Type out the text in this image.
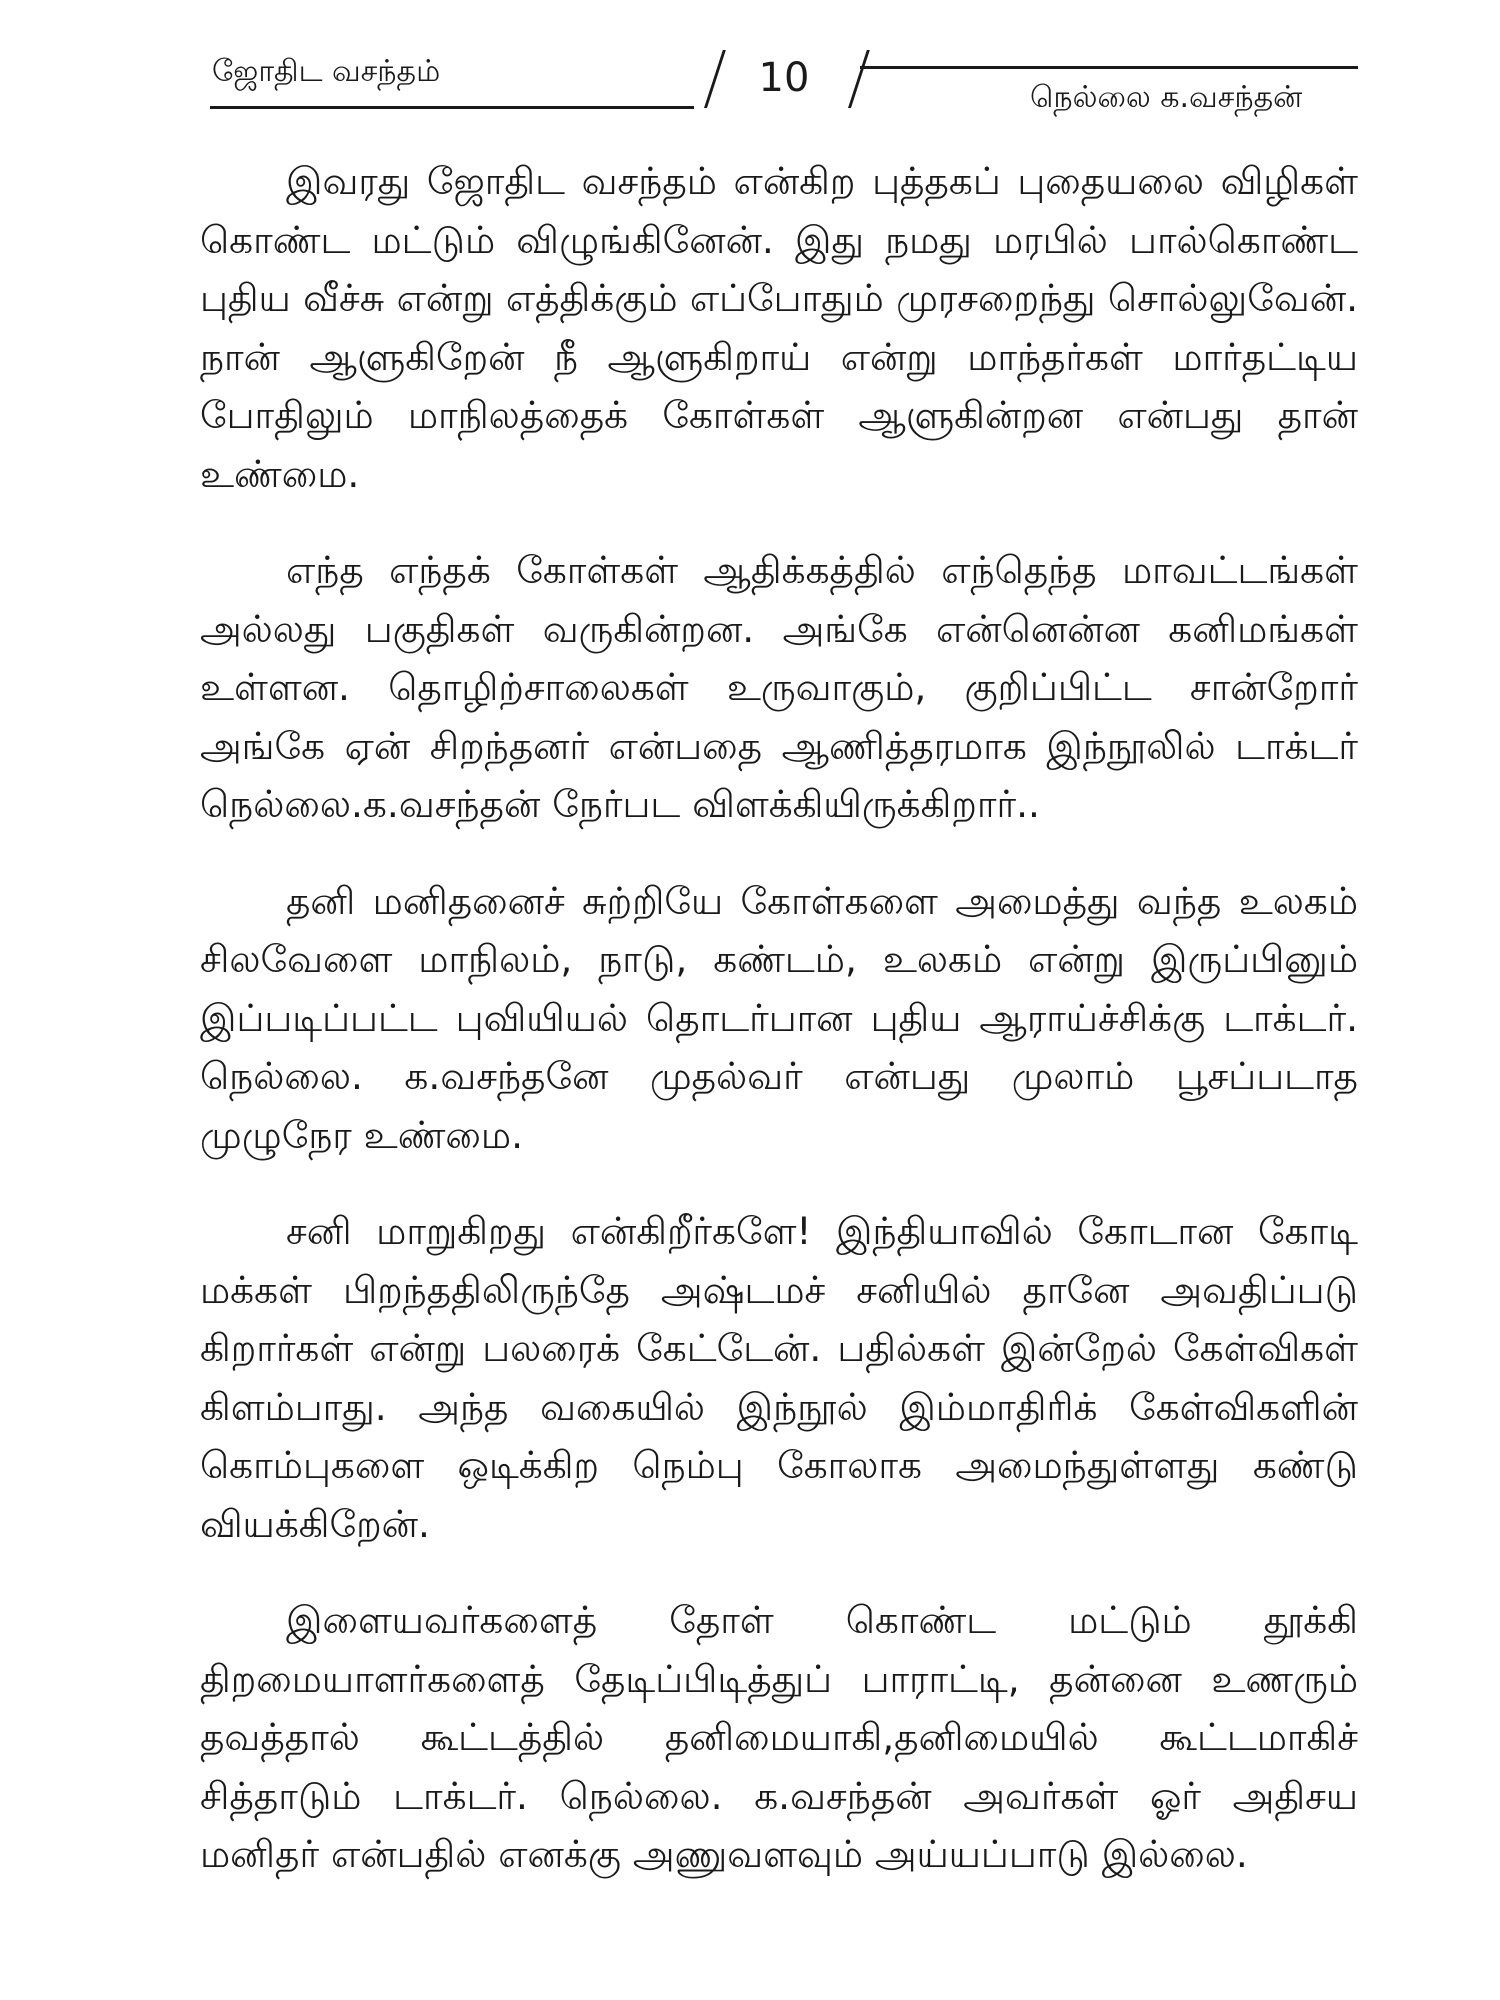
ஜோதிட வசந்தம்	10	நெல்லை க.வசந்தன்

இவரது ஜோதிட வசந்தம் என்கிற புத்தகப் புதையலை விழிகள் கொண்ட மட்டும் விழுங்கினேன். இது நமது மரபில் பால்கொண்ட புதிய வீச்சு என்று எத்திக்கும் எப்போதும் முரசறைந்து சொல்லுவேன். நான் ஆளுகிறேன் நீ ஆளுகிறாய் என்று மாந்தர்கள் மார்தட்டிய போதிலும் மாநிலத்தைக் கோள்கள் ஆளுகின்றன என்பது தான் உண்மை.

எந்த எந்தக் கோள்கள் ஆதிக்கத்தில் எந்தெந்த மாவட்டங்கள் அல்லது பகுதிகள் வருகின்றன. அங்கே என்னென்ன கனிமங்கள் உள்ளன. தொழிற்சாலைகள் உருவாகும், குறிப்பிட்ட சான்றோர் அங்கே ஏன் சிறந்தனர் என்பதை ஆணித்தரமாக இந்நூலில் டாக்டர் நெல்லை.க.வசந்தன் நேர்பட விளக்கியிருக்கிறார்..

தனி மனிதனைச் சுற்றியே கோள்களை அமைத்து வந்த உலகம் சிலவேளை மாநிலம், நாடு, கண்டம், உலகம் என்று இருப்பினும் இப்படிப்பட்ட புவியியல் தொடர்பான புதிய ஆராய்ச்சிக்கு டாக்டர். நெல்லை. க.வசந்தனே முதல்வர் என்பது முலாம் பூசப்படாத முழுநேர உண்மை.

சனி மாறுகிறது என்கிறீர்களே! இந்தியாவில் கோடான கோடி மக்கள் பிறந்ததிலிருந்தே அஷ்டமச் சனியில் தானே அவதிப்படு கிறார்கள் என்று பலரைக் கேட்டேன். பதில்கள் இன்றேல் கேள்விகள் கிளம்பாது. அந்த வகையில் இந்நூல் இம்மாதிரிக் கேள்விகளின் கொம்புகளை ஒடிக்கிற நெம்பு கோலாக அமைந்துள்ளது கண்டு வியக்கிறேன்.

இளையவர்களைத் தோள் கொண்ட மட்டும் தூக்கி திறமையாளர்களைத் தேடிப்பிடித்துப் பாராட்டி, தன்னை உணரும் தவத்தால் கூட்டத்தில் தனிமையாகி,தனிமையில் கூட்டமாகிச் சித்தாடும் டாக்டர். நெல்லை. க.வசந்தன் அவர்கள் ஓர் அதிசய மனிதர் என்பதில் எனக்கு அணுவளவும் அய்யப்பாடு இல்லை.
